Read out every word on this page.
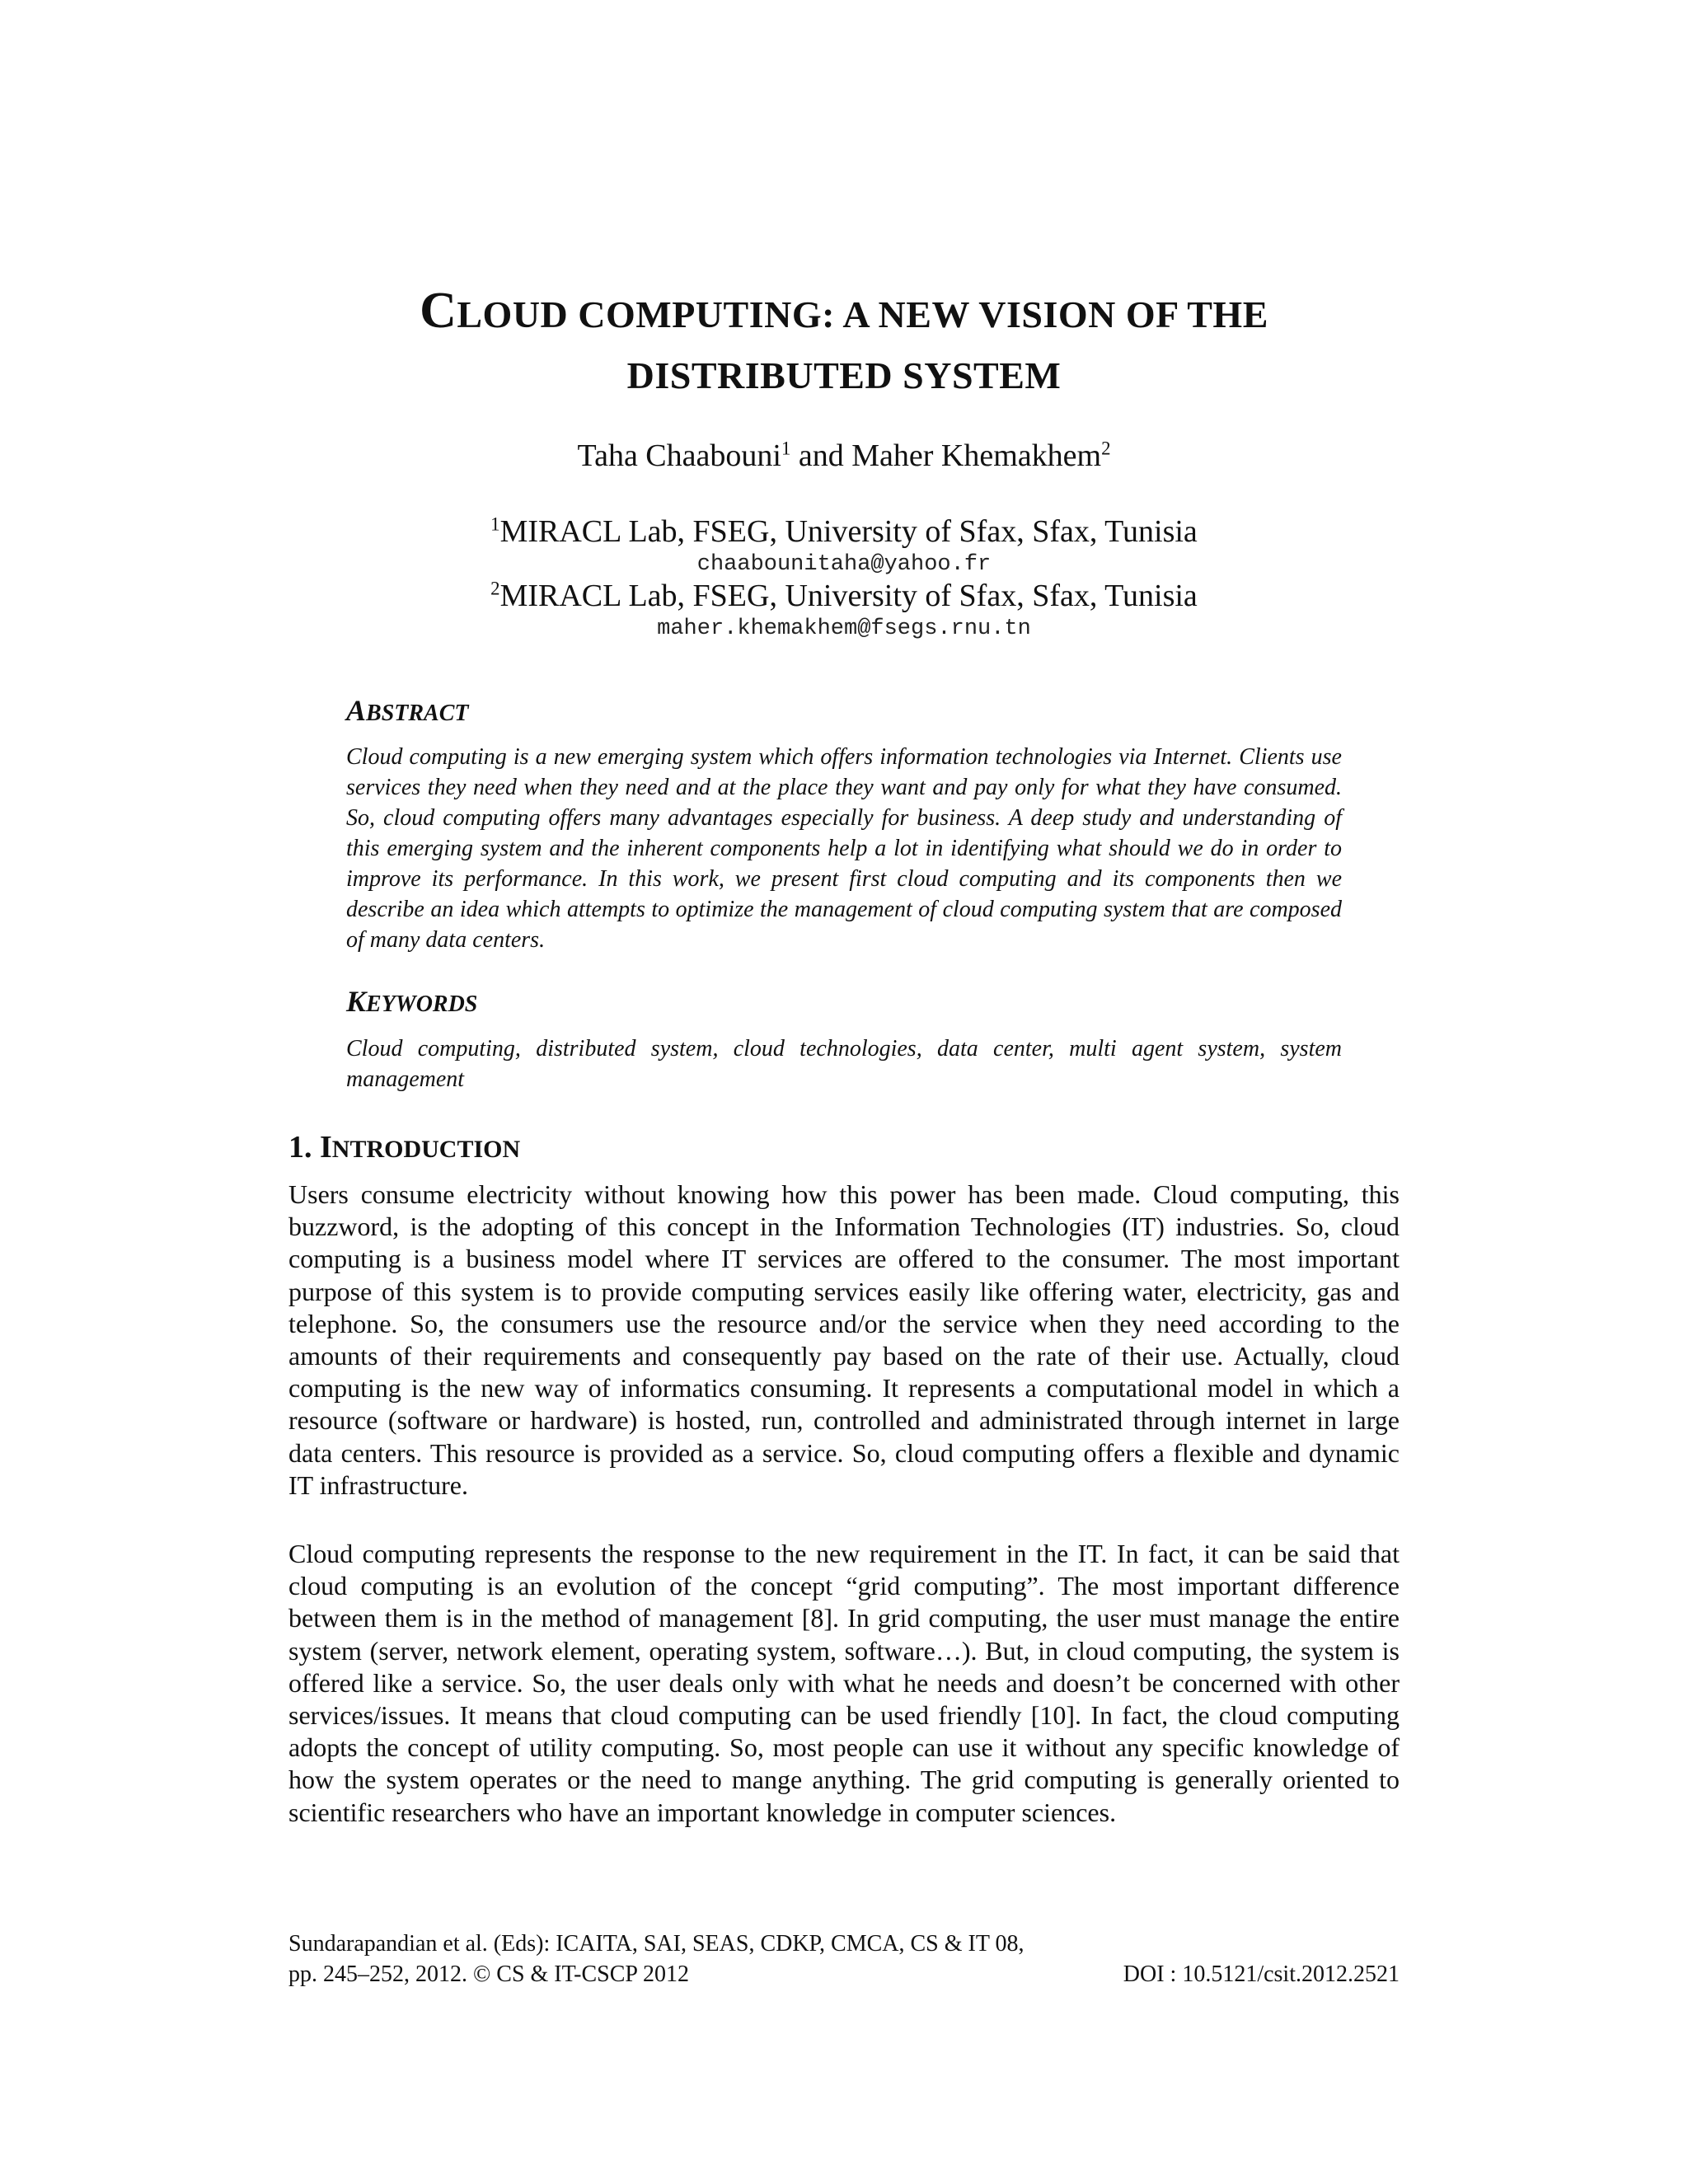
CLOUD COMPUTING: A NEW VISION OF THE
DISTRIBUTED SYSTEM
Taha Chaabouni$^1$ and Maher Khemakhem$^2$
$^1$MIRACL Lab, FSEG, University of Sfax, Sfax, Tunisia
chaabounitaha@yahoo.fr
$^2$MIRACL Lab, FSEG, University of Sfax, Sfax, Tunisia
maher.khemakhem@fsegs.rnu.tn
ABSTRACT
Cloud computing is a new emerging system which offers information technologies via Internet. Clients use services they need when they need and at the place they want and pay only for what they have consumed. So, cloud computing offers many advantages especially for business. A deep study and understanding of this emerging system and the inherent components help a lot in identifying what should we do in order to improve its performance. In this work, we present first cloud computing and its components then we describe an idea which attempts to optimize the management of cloud computing system that are composed of many data centers.
KEYWORDS
Cloud computing, distributed system, cloud technologies, data center, multi agent system, system management
1. INTRODUCTION
Users consume electricity without knowing how this power has been made. Cloud computing, this buzzword, is the adopting of this concept in the Information Technologies (IT) industries. So, cloud computing is a business model where IT services are offered to the consumer. The most important purpose of this system is to provide computing services easily like offering water, electricity, gas and telephone. So, the consumers use the resource and/or the service when they need according to the amounts of their requirements and consequently pay based on the rate of their use. Actually, cloud computing is the new way of informatics consuming. It represents a computational model in which a resource (software or hardware) is hosted, run, controlled and administrated through internet in large data centers. This resource is provided as a service. So, cloud computing offers a flexible and dynamic IT infrastructure.
Cloud computing represents the response to the new requirement in the IT. In fact, it can be said that cloud computing is an evolution of the concept “grid computing”. The most important difference between them is in the method of management [8]. In grid computing, the user must manage the entire system (server, network element, operating system, software…). But, in cloud computing, the system is offered like a service. So, the user deals only with what he needs and doesn’t be concerned with other services/issues. It means that cloud computing can be used friendly [10]. In fact, the cloud computing adopts the concept of utility computing. So, most people can use it without any specific knowledge of how the system operates or the need to mange anything. The grid computing is generally oriented to scientific researchers who have an important knowledge in computer sciences.
Sundarapandian et al. (Eds): ICAITA, SAI, SEAS, CDKP, CMCA, CS & IT 08,
pp. 245–252, 2012. © CS & IT-CSCP 2012	DOI : 10.5121/csit.2012.2521
